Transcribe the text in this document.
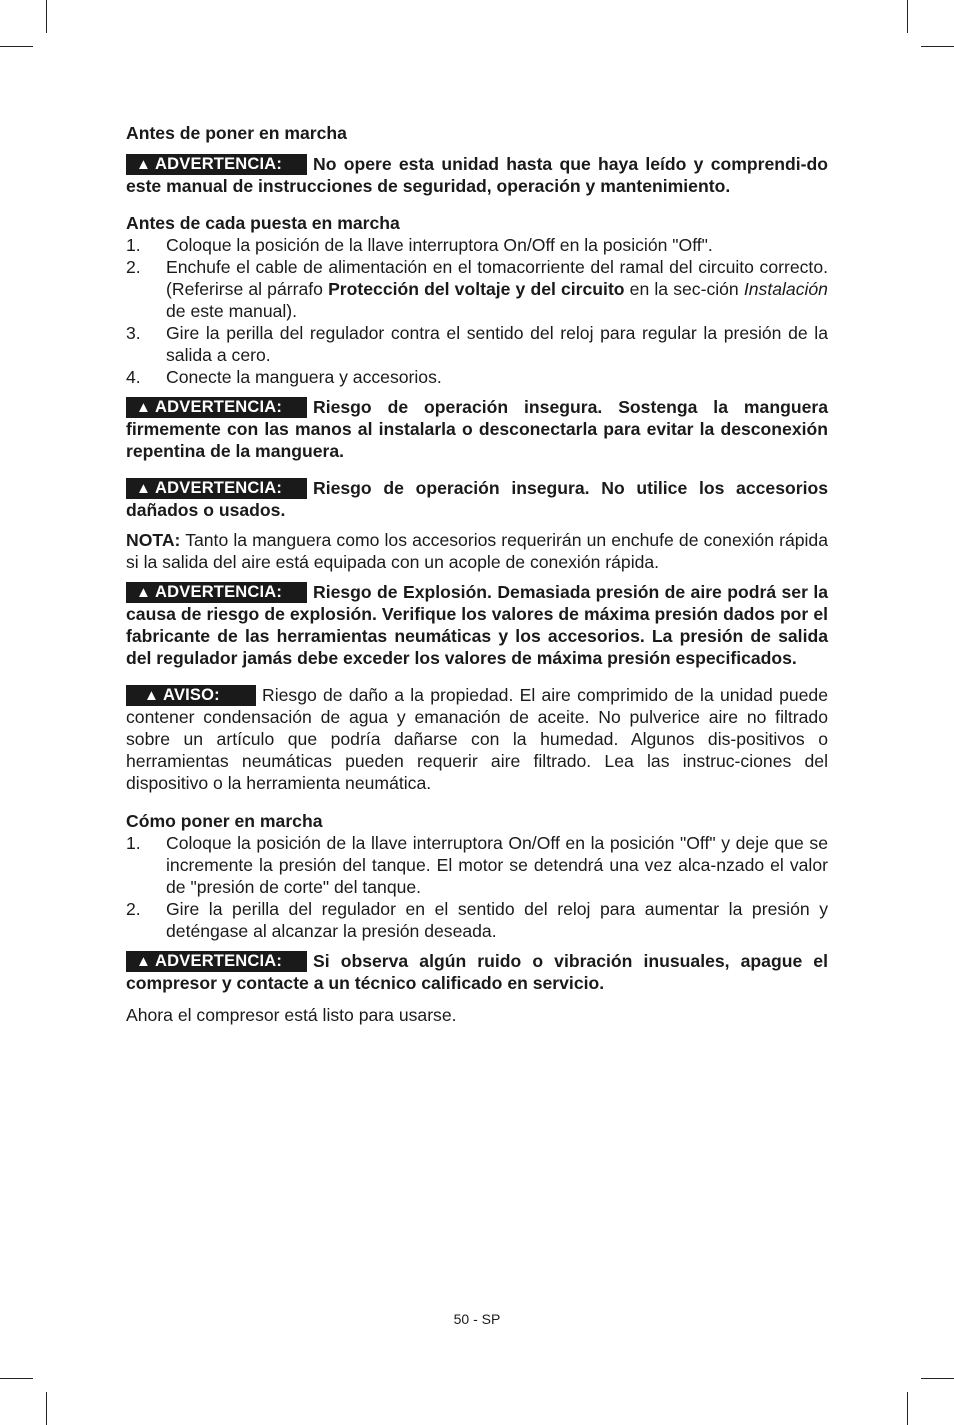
Antes de poner en marcha

▲ ADVERTENCIA: No opere esta unidad hasta que haya leído y comprendi-do este manual de instrucciones de seguridad, operación y mantenimiento.

Antes de cada puesta en marcha

1. Coloque la posición de la llave interruptora On/Off en la posición "Off".
2. Enchufe el cable de alimentación en el tomacorriente del ramal del circuito correcto. (Referirse al párrafo Protección del voltaje y del circuito en la sec-ción Instalación de este manual).
3. Gire la perilla del regulador contra el sentido del reloj para regular la presión de la salida a cero.
4. Conecte la manguera y accesorios.

▲ ADVERTENCIA: Riesgo de operación insegura. Sostenga la manguera firmemente con las manos al instalarla o desconectarla para evitar la desconexión repentina de la manguera.

▲ ADVERTENCIA: Riesgo de operación insegura. No utilice los accesorios dañados o usados.

NOTA: Tanto la manguera como los accesorios requerirán un enchufe de conexión rápida si la salida del aire está equipada con un acople de conexión rápida.

▲ ADVERTENCIA: Riesgo de Explosión. Demasiada presión de aire podrá ser la causa de riesgo de explosión. Verifique los valores de máxima presión dados por el fabricante de las herramientas neumáticas y los accesorios. La presión de salida del regulador jamás debe exceder los valores de máxima presión especificados.

▲ AVISO: Riesgo de daño a la propiedad. El aire comprimido de la unidad puede contener condensación de agua y emanación de aceite. No pulverice aire no filtrado sobre un artículo que podría dañarse con la humedad. Algunos dis-positivos o herramientas neumáticas pueden requerir aire filtrado. Lea las instruc-ciones del dispositivo o la herramienta neumática.

Cómo poner en marcha

1. Coloque la posición de la llave interruptora On/Off en la posición "Off" y deje que se incremente la presión del tanque. El motor se detendrá una vez alca-nzado el valor de "presión de corte" del tanque.
2. Gire la perilla del regulador en el sentido del reloj para aumentar la presión y deténgase al alcanzar la presión deseada.

▲ ADVERTENCIA: Si observa algún ruido o vibración inusuales, apague el compresor y contacte a un técnico calificado en servicio.

Ahora el compresor está listo para usarse.

50 - SP
